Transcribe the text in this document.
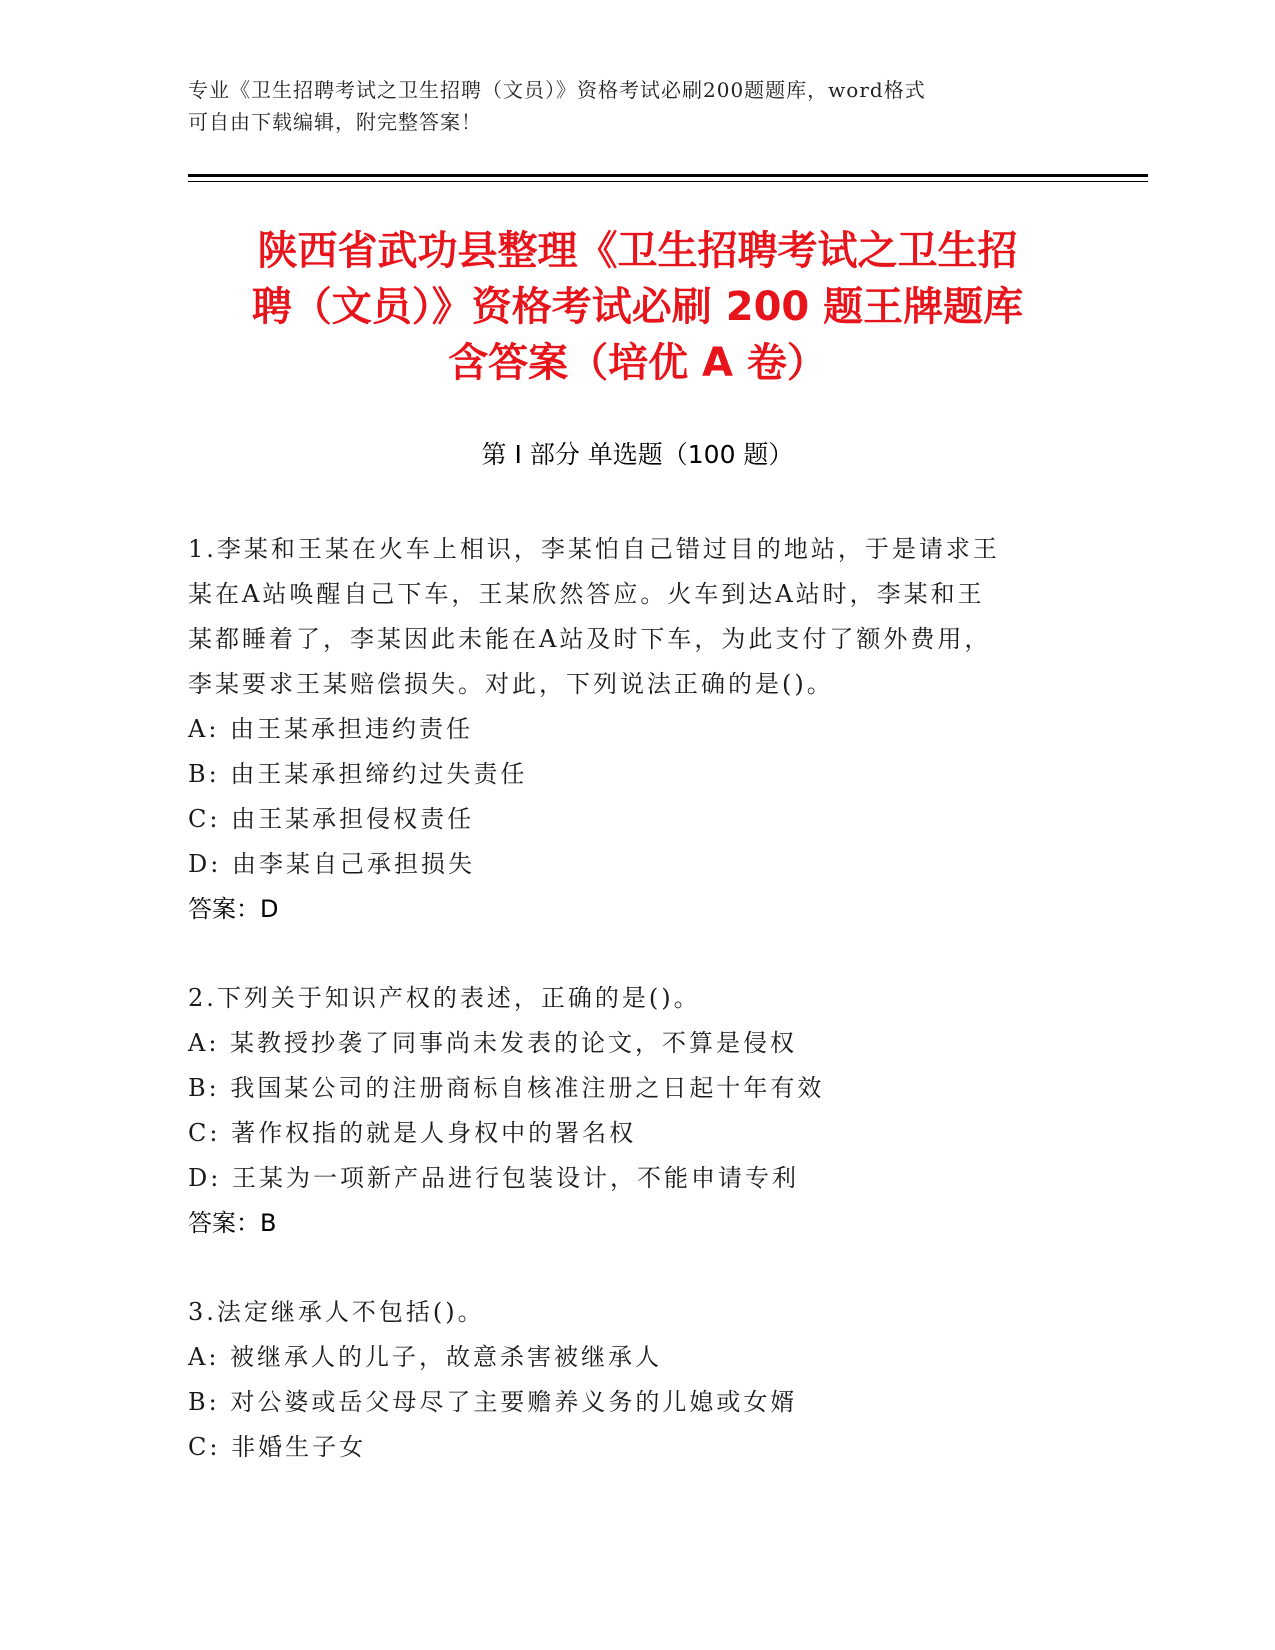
专业《卫生招聘考试之卫生招聘（文员）》资格考试必刷200题题库，word格式
可自由下载编辑，附完整答案！
陕西省武功县整理《卫生招聘考试之卫生招
聘（文员）》资格考试必刷 200 题王牌题库
含答案（培优 A 卷）
第 I 部分 单选题（100 题）
1.李某和王某在火车上相识，李某怕自己错过目的地站，于是请求王
某在A站唤醒自己下车，王某欣然答应。火车到达A站时，李某和王
某都睡着了，李某因此未能在A站及时下车，为此支付了额外费用，
李某要求王某赔偿损失。对此，下列说法正确的是()。
A: 由王某承担违约责任
B: 由王某承担缔约过失责任
C: 由王某承担侵权责任
D: 由李某自己承担损失
答案：D
2.下列关于知识产权的表述，正确的是()。
A: 某教授抄袭了同事尚未发表的论文，不算是侵权
B: 我国某公司的注册商标自核准注册之日起十年有效
C: 著作权指的就是人身权中的署名权
D: 王某为一项新产品进行包装设计，不能申请专利
答案：B
3.法定继承人不包括()。
A: 被继承人的儿子，故意杀害被继承人
B: 对公婆或岳父母尽了主要赡养义务的儿媳或女婿
C: 非婚生子女
